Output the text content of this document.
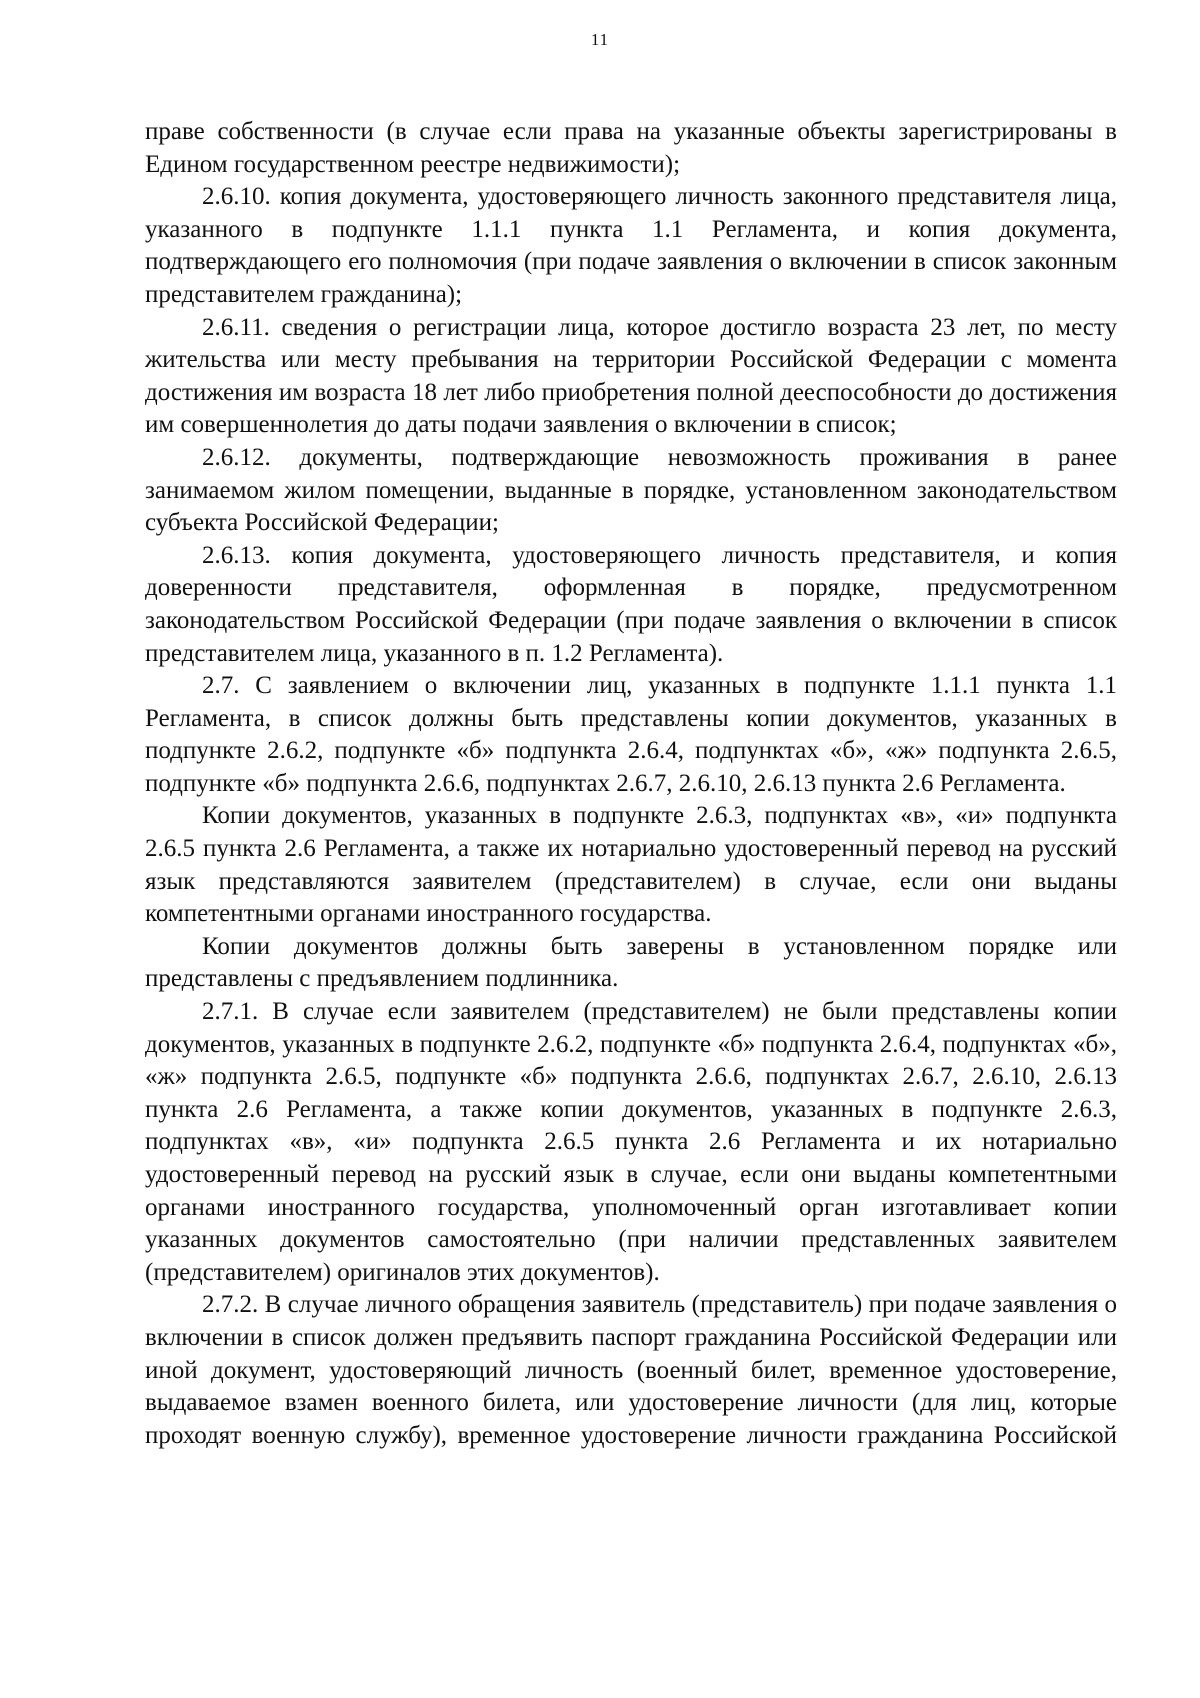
11

праве собственности (в случае если права на указанные объекты зарегистрированы в Едином государственном реестре недвижимости);

2.6.10. копия документа, удостоверяющего личность законного представителя лица, указанного в подпункте 1.1.1 пункта 1.1 Регламента, и копия документа, подтверждающего его полномочия (при подаче заявления о включении в список законным представителем гражданина);

2.6.11. сведения о регистрации лица, которое достигло возраста 23 лет, по месту жительства или месту пребывания на территории Российской Федерации с момента достижения им возраста 18 лет либо приобретения полной дееспособности до достижения им совершеннолетия до даты подачи заявления о включении в список;

2.6.12. документы, подтверждающие невозможность проживания в ранее занимаемом жилом помещении, выданные в порядке, установленном законодательством субъекта Российской Федерации;

2.6.13. копия документа, удостоверяющего личность представителя, и копия доверенности представителя, оформленная в порядке, предусмотренном законодательством Российской Федерации (при подаче заявления о включении в список представителем лица, указанного в п. 1.2 Регламента).

2.7. С заявлением о включении лиц, указанных в подпункте 1.1.1 пункта 1.1 Регламента, в список должны быть представлены копии документов, указанных в подпункте 2.6.2, подпункте «б» подпункта 2.6.4, подпунктах «б», «ж» подпункта 2.6.5, подпункте «б» подпункта 2.6.6, подпунктах 2.6.7, 2.6.10, 2.6.13 пункта 2.6 Регламента.

Копии документов, указанных в подпункте 2.6.3, подпунктах «в», «и» подпункта 2.6.5 пункта 2.6 Регламента, а также их нотариально удостоверенный перевод на русский язык представляются заявителем (представителем) в случае, если они выданы компетентными органами иностранного государства.

Копии документов должны быть заверены в установленном порядке или представлены с предъявлением подлинника.

2.7.1. В случае если заявителем (представителем) не были представлены копии документов, указанных в подпункте 2.6.2, подпункте «б» подпункта 2.6.4, подпунктах «б», «ж» подпункта 2.6.5, подпункте «б» подпункта 2.6.6, подпунктах 2.6.7, 2.6.10, 2.6.13 пункта 2.6 Регламента, а также копии документов, указанных в подпункте 2.6.3, подпунктах «в», «и» подпункта 2.6.5 пункта 2.6 Регламента и их нотариально удостоверенный перевод на русский язык в случае, если они выданы компетентными органами иностранного государства, уполномоченный орган изготавливает копии указанных документов самостоятельно (при наличии представленных заявителем (представителем) оригиналов этих документов).

2.7.2. В случае личного обращения заявитель (представитель) при подаче заявления о включении в список должен предъявить паспорт гражданина Российской Федерации или иной документ, удостоверяющий личность (военный билет, временное удостоверение, выдаваемое взамен военного билета, или удостоверение личности (для лиц, которые проходят военную службу), временное удостоверение личности гражданина Российской
